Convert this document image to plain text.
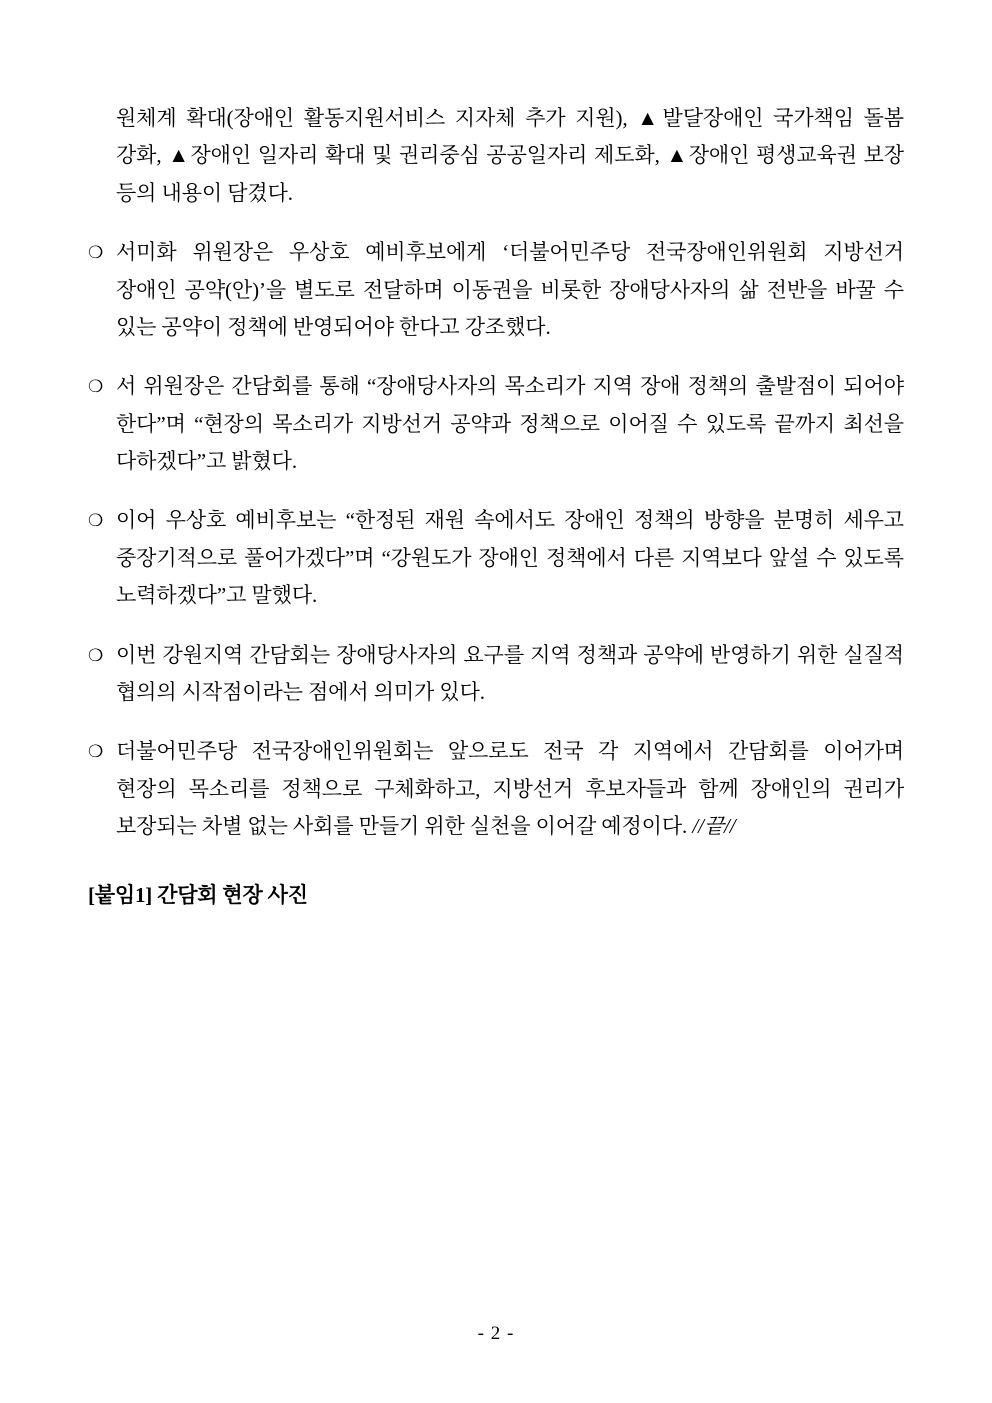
원체계 확대(장애인 활동지원서비스 지자체 추가 지원), ▲발달장애인 국가책임 돌봄 강화, ▲장애인 일자리 확대 및 권리중심 공공일자리 제도화, ▲장애인 평생교육권 보장 등의 내용이 담겼다.

❍ 서미화 위원장은 우상호 예비후보에게 ‘더불어민주당 전국장애인위원회 지방선거 장애인 공약(안)’을 별도로 전달하며 이동권을 비롯한 장애당사자의 삶 전반을 바꿀 수 있는 공약이 정책에 반영되어야 한다고 강조했다.
❍ 서 위원장은 간담회를 통해 “장애당사자의 목소리가 지역 장애 정책의 출발점이 되어야 한다”며 “현장의 목소리가 지방선거 공약과 정책으로 이어질 수 있도록 끝까지 최선을 다하겠다”고 밝혔다.
❍ 이어 우상호 예비후보는 “한정된 재원 속에서도 장애인 정책의 방향을 분명히 세우고 중장기적으로 풀어가겠다”며 “강원도가 장애인 정책에서 다른 지역보다 앞설 수 있도록 노력하겠다”고 말했다.
❍ 이번 강원지역 간담회는 장애당사자의 요구를 지역 정책과 공약에 반영하기 위한 실질적 협의의 시작점이라는 점에서 의미가 있다.
❍ 더불어민주당 전국장애인위원회는 앞으로도 전국 각 지역에서 간담회를 이어가며 현장의 목소리를 정책으로 구체화하고, 지방선거 후보자들과 함께 장애인의 권리가 보장되는 차별 없는 사회를 만들기 위한 실천을 이어갈 예정이다. //끝//
[붙임1] 간담회 현장 사진
- 2 -
